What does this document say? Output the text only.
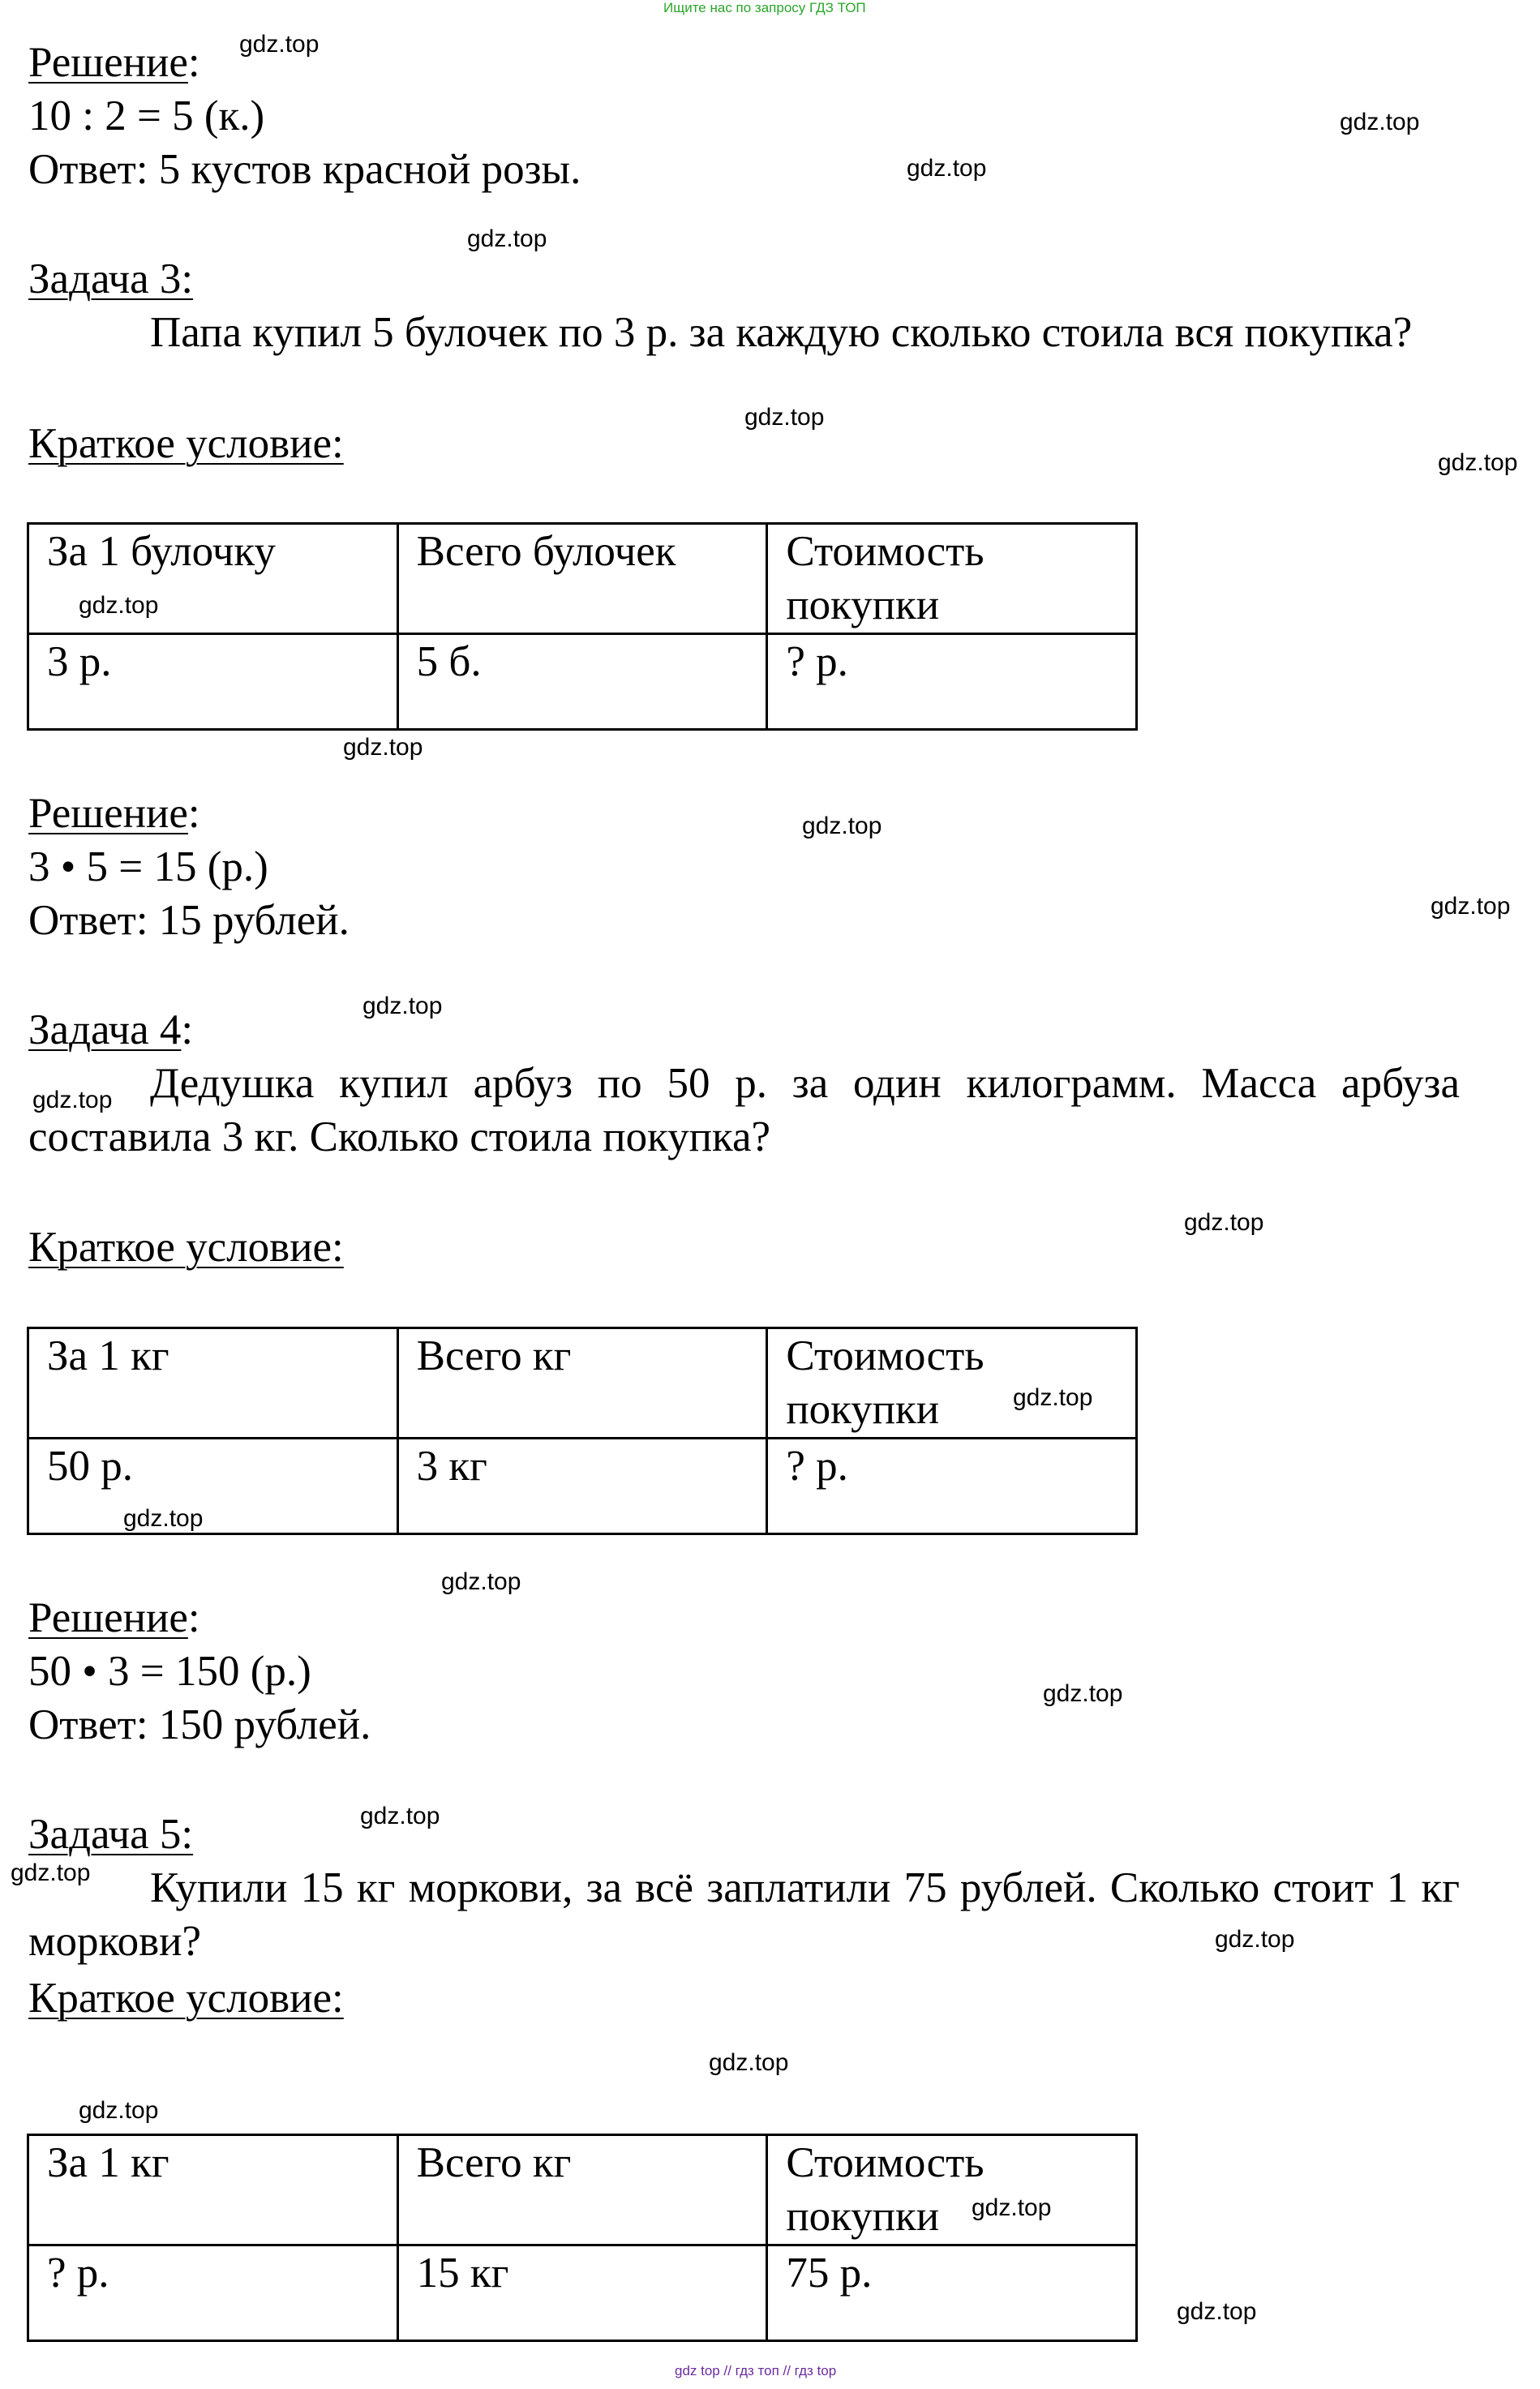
Ищите нас по запросу ГДЗ ТОП
Решение:
10 : 2 = 5 (к.)
Ответ: 5 кустов красной розы.
Задача 3:
Папа купил 5 булочек по 3 р. за каждую сколько стоила вся покупка?
Краткое условие:
За 1 булочку	Всего булочек	Стоимость покупки
3 р.	5 б.	? р.
Решение:
3 • 5 = 15 (р.)
Ответ: 15 рублей.
Задача 4:
Дедушка купил арбуз по 50 р. за один килограмм. Масса арбуза составила 3 кг. Сколько стоила покупка?
Краткое условие:
За 1 кг	Всего кг	Стоимость покупки
50 р.	3 кг	? р.
Решение:
50 • 3 = 150 (р.)
Ответ: 150 рублей.
Задача 5:
Купили 15 кг моркови, за всё заплатили 75 рублей. Сколько стоит 1 кг моркови?
Краткое условие:
За 1 кг	Всего кг	Стоимость покупки
? р.	15 кг	75 р.
gdz.top
gdz.top
gdz.top
gdz.top
gdz.top
gdz.top
gdz.top
gdz.top
gdz.top
gdz.top
gdz.top
gdz.top
gdz.top
gdz.top
gdz.top
gdz.top
gdz.top
gdz.top
gdz.top
gdz.top
gdz.top
gdz.top
gdz.top
gdz.top
gdz top // гдз топ // гдз top
